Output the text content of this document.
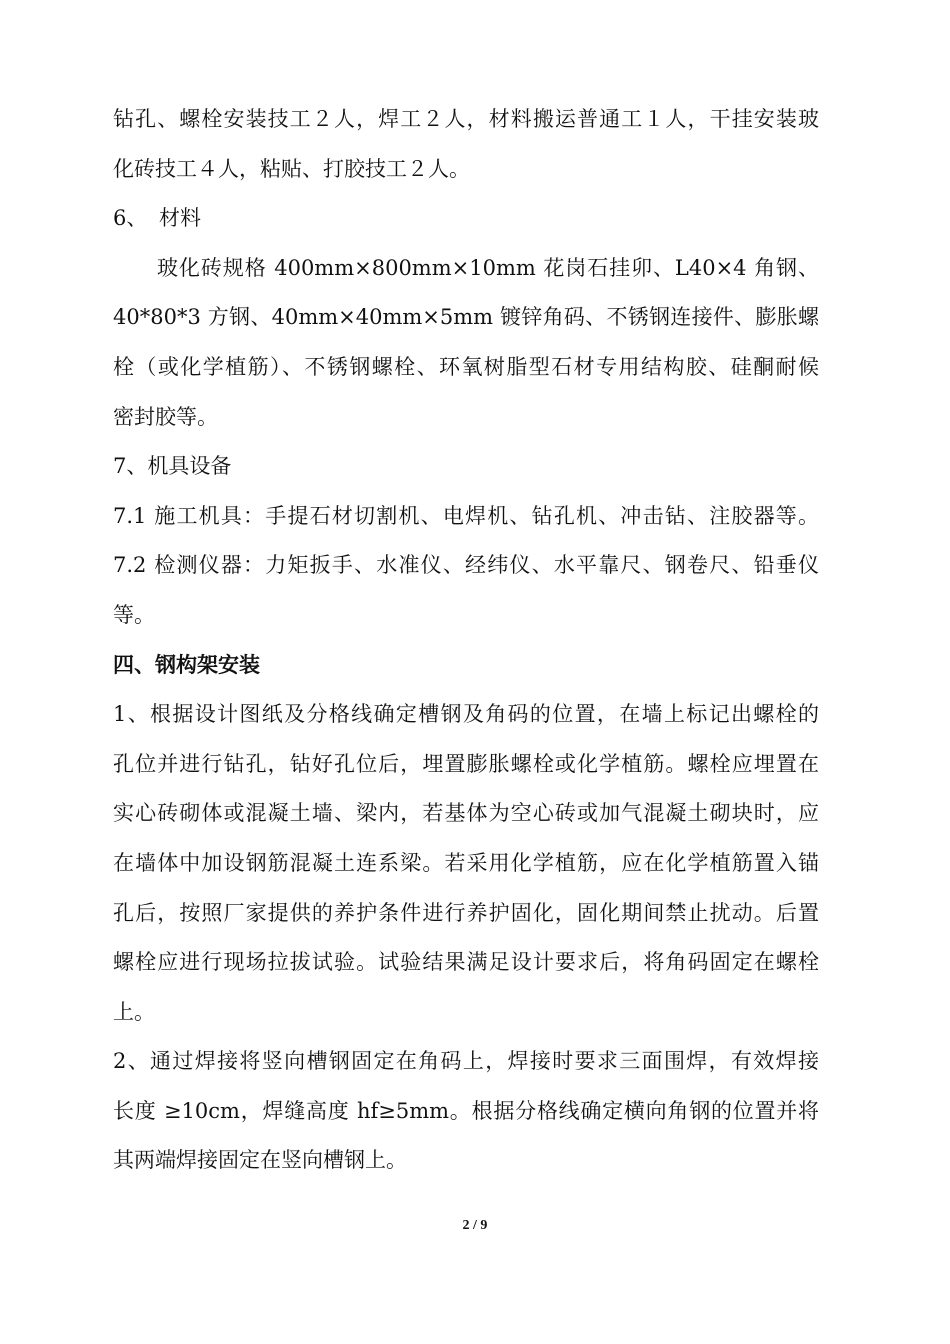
钻孔、螺栓安装技工２人，焊工２人，材料搬运普通工１人，干挂安装玻
化砖技工４人，粘贴、打胶技工２人。
6、 材料
玻化砖规格 400mm×800mm×10mm 花岗石挂卯、L40×4 角钢、
40*80*3 方钢、40mm×40mm×5mm 镀锌角码、不锈钢连接件、膨胀螺
栓（或化学植筋）、不锈钢螺栓、环氧树脂型石材专用结构胶、硅酮耐候
密封胶等。
7、机具设备
7.1 施工机具：手提石材切割机、电焊机、钻孔机、冲击钻、注胶器等。
7.2 检测仪器：力矩扳手、水准仪、经纬仪、水平靠尺、钢卷尺、铅垂仪
等。
四、钢构架安装
1、根据设计图纸及分格线确定槽钢及角码的位置，在墙上标记出螺栓的
孔位并进行钻孔，钻好孔位后，埋置膨胀螺栓或化学植筋。螺栓应埋置在
实心砖砌体或混凝土墙、梁内，若基体为空心砖或加气混凝土砌块时，应
在墙体中加设钢筋混凝土连系梁。若采用化学植筋，应在化学植筋置入锚
孔后，按照厂家提供的养护条件进行养护固化，固化期间禁止扰动。后置
螺栓应进行现场拉拔试验。试验结果满足设计要求后，将角码固定在螺栓
上。
2、通过焊接将竖向槽钢固定在角码上，焊接时要求三面围焊，有效焊接
长度 ≥10cm，焊缝高度 hf≥5mm。根据分格线确定横向角钢的位置并将
其两端焊接固定在竖向槽钢上。
2 / 9
